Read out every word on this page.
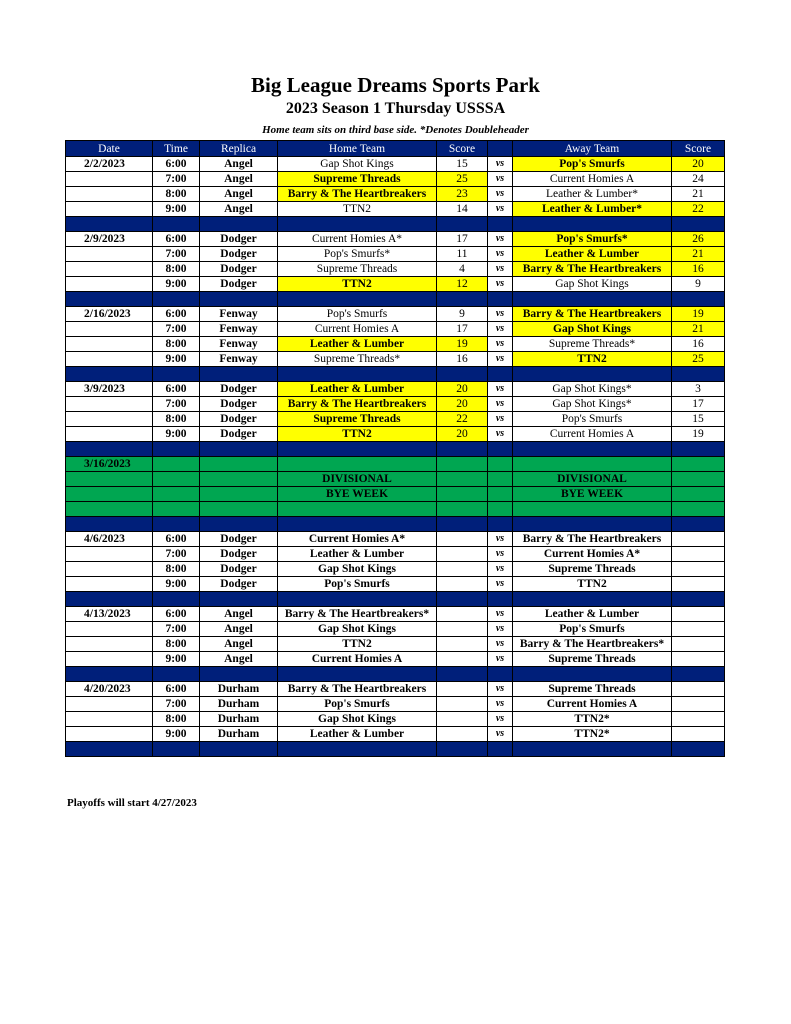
Big League Dreams Sports Park
2023 Season 1 Thursday USSSA
Home team sits on third base side. *Denotes Doubleheader
Date	Time	Replica	Home Team	Score		Away Team	Score
2/2/2023	6:00	Angel	Gap Shot Kings	15	vs	Pop's Smurfs	20
	7:00	Angel	Supreme Threads	25	vs	Current Homies A	24
	8:00	Angel	Barry & The Heartbreakers	23	vs	Leather & Lumber*	21
	9:00	Angel	TTN2	14	vs	Leather & Lumber*	22

2/9/2023	6:00	Dodger	Current Homies A*	17	vs	Pop's Smurfs*	26
	7:00	Dodger	Pop's Smurfs*	11	vs	Leather & Lumber	21
	8:00	Dodger	Supreme Threads	4	vs	Barry & The Heartbreakers	16
	9:00	Dodger	TTN2	12	vs	Gap Shot Kings	9

2/16/2023	6:00	Fenway	Pop's Smurfs	9	vs	Barry & The Heartbreakers	19
	7:00	Fenway	Current Homies A	17	vs	Gap Shot Kings	21
	8:00	Fenway	Leather & Lumber	19	vs	Supreme Threads*	16
	9:00	Fenway	Supreme Threads*	16	vs	TTN2	25

3/9/2023	6:00	Dodger	Leather & Lumber	20	vs	Gap Shot Kings*	3
	7:00	Dodger	Barry & The Heartbreakers	20	vs	Gap Shot Kings*	17
	8:00	Dodger	Supreme Threads	22	vs	Pop's Smurfs	15
	9:00	Dodger	TTN2	20	vs	Current Homies A	19

3/16/2023							
			DIVISIONAL			DIVISIONAL	
			BYE WEEK			BYE WEEK	

4/6/2023	6:00	Dodger	Current Homies A*		vs	Barry & The Heartbreakers	
	7:00	Dodger	Leather & Lumber		vs	Current Homies A*	
	8:00	Dodger	Gap Shot Kings		vs	Supreme Threads	
	9:00	Dodger	Pop's Smurfs		vs	TTN2	

4/13/2023	6:00	Angel	Barry & The Heartbreakers*		vs	Leather & Lumber	
	7:00	Angel	Gap Shot Kings		vs	Pop's Smurfs	
	8:00	Angel	TTN2		vs	Barry & The Heartbreakers*	
	9:00	Angel	Current Homies A		vs	Supreme Threads	

4/20/2023	6:00	Durham	Barry & The Heartbreakers		vs	Supreme Threads	
	7:00	Durham	Pop's Smurfs		vs	Current Homies A	
	8:00	Durham	Gap Shot Kings		vs	TTN2*	
	9:00	Durham	Leather & Lumber		vs	TTN2*	

Playoffs will start 4/27/2023
